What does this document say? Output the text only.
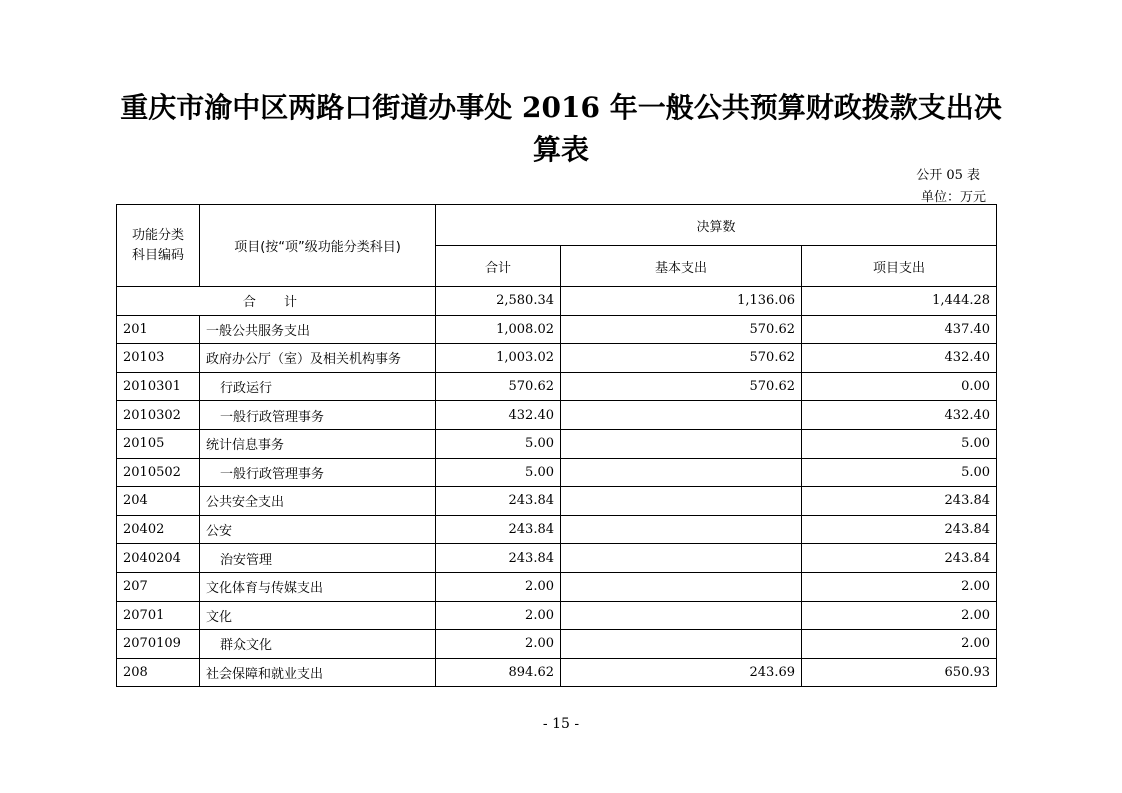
重庆市渝中区两路口街道办事处 2016 年一般公共预算财政拨款支出决
算表
公开 05 表
单位：万元
功能分类科目编码	项目(按“项”级功能分类科目)	决算数		
		合计	基本支出	项目支出
合 计		2,580.34	1,136.06	1,444.28
201	一般公共服务支出	1,008.02	570.62	437.40
20103	政府办公厅（室）及相关机构事务	1,003.02	570.62	432.40
2010301	行政运行	570.62	570.62	0.00
2010302	一般行政管理事务	432.40		432.40
20105	统计信息事务	5.00		5.00
2010502	一般行政管理事务	5.00		5.00
204	公共安全支出	243.84		243.84
20402	公安	243.84		243.84
2040204	治安管理	243.84		243.84
207	文化体育与传媒支出	2.00		2.00
20701	文化	2.00		2.00
2070109	群众文化	2.00		2.00
208	社会保障和就业支出	894.62	243.69	650.93
- 15 -
